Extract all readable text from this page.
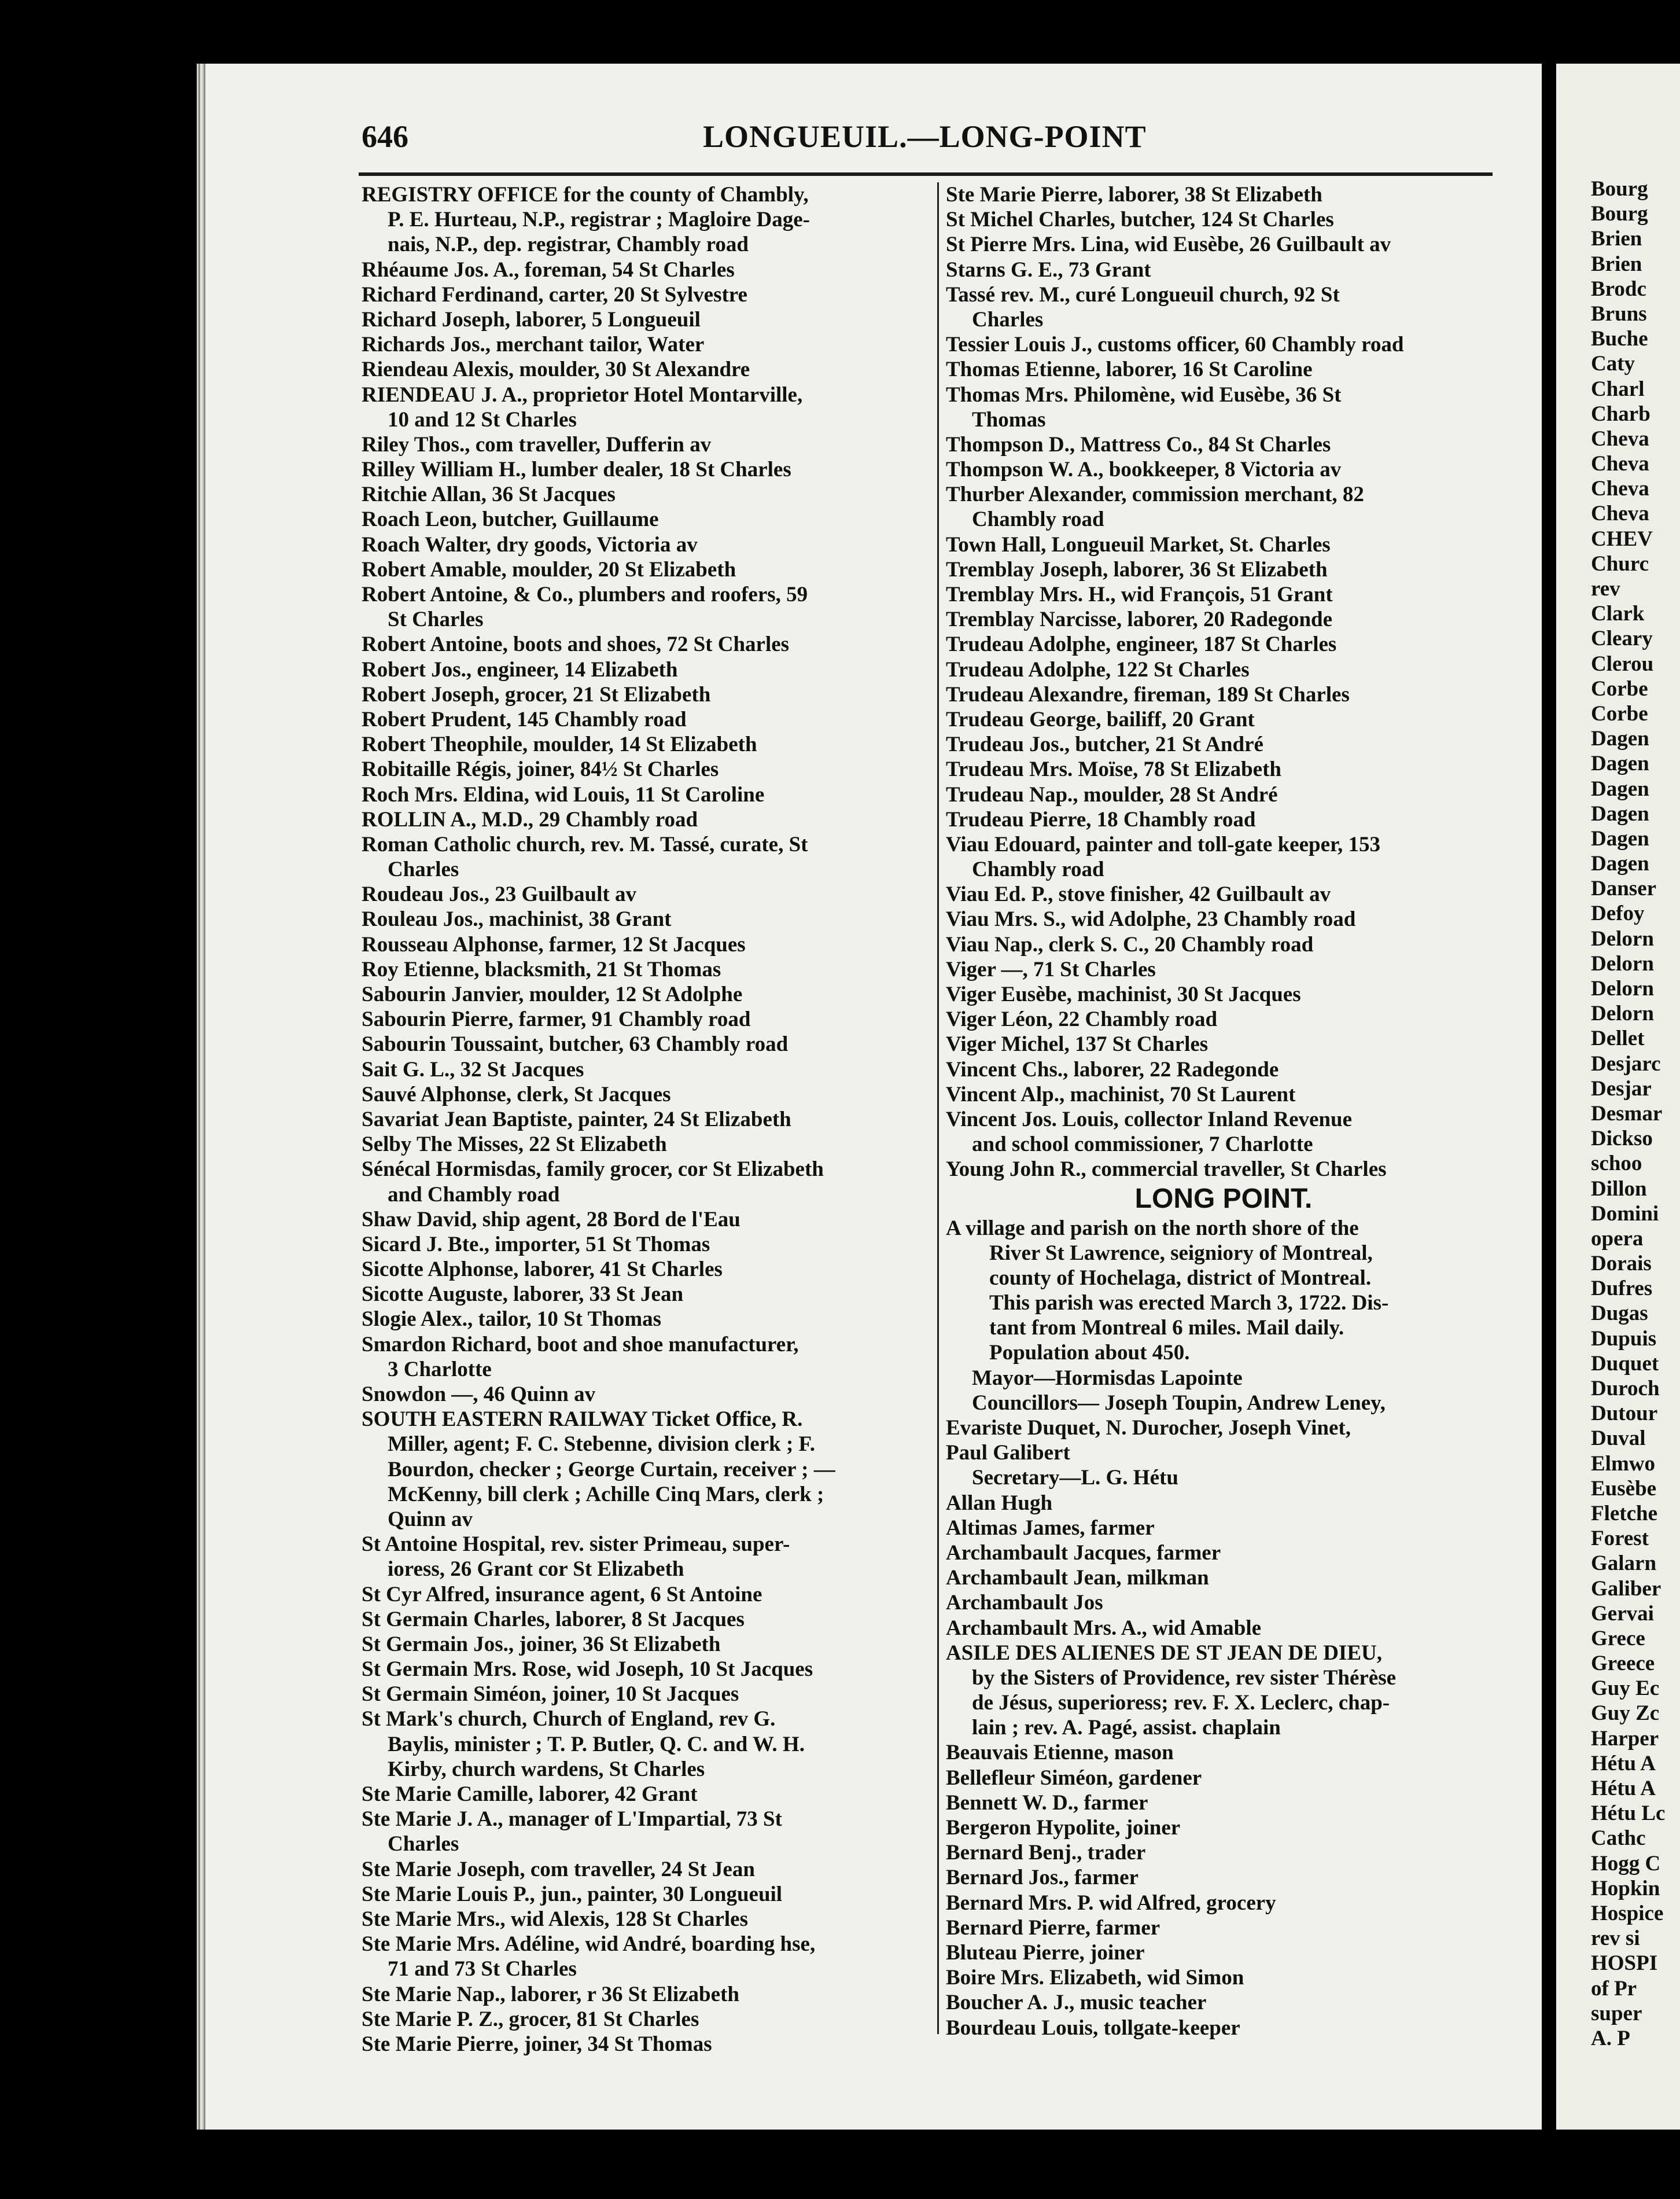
646	LONGUEUIL.—LONG-POINT
REGISTRY OFFICE for the county of Chambly,
P. E. Hurteau, N.P., registrar ; Magloire Dage-
nais, N.P., dep. registrar, Chambly road
Rhéaume Jos. A., foreman, 54 St Charles
Richard Ferdinand, carter, 20 St Sylvestre
Richard Joseph, laborer, 5 Longueuil
Richards Jos., merchant tailor, Water
Riendeau Alexis, moulder, 30 St Alexandre
RIENDEAU J. A., proprietor Hotel Montarville,
10 and 12 St Charles
Riley Thos., com traveller, Dufferin av
Rilley William H., lumber dealer, 18 St Charles
Ritchie Allan, 36 St Jacques
Roach Leon, butcher, Guillaume
Roach Walter, dry goods, Victoria av
Robert Amable, moulder, 20 St Elizabeth
Robert Antoine, & Co., plumbers and roofers, 59
St Charles
Robert Antoine, boots and shoes, 72 St Charles
Robert Jos., engineer, 14 Elizabeth
Robert Joseph, grocer, 21 St Elizabeth
Robert Prudent, 145 Chambly road
Robert Theophile, moulder, 14 St Elizabeth
Robitaille Régis, joiner, 84½ St Charles
Roch Mrs. Eldina, wid Louis, 11 St Caroline
ROLLIN A., M.D., 29 Chambly road
Roman Catholic church, rev. M. Tassé, curate, St
Charles
Roudeau Jos., 23 Guilbault av
Rouleau Jos., machinist, 38 Grant
Rousseau Alphonse, farmer, 12 St Jacques
Roy Etienne, blacksmith, 21 St Thomas
Sabourin Janvier, moulder, 12 St Adolphe
Sabourin Pierre, farmer, 91 Chambly road
Sabourin Toussaint, butcher, 63 Chambly road
Sait G. L., 32 St Jacques
Sauvé Alphonse, clerk, St Jacques
Savariat Jean Baptiste, painter, 24 St Elizabeth
Selby The Misses, 22 St Elizabeth
Sénécal Hormisdas, family grocer, cor St Elizabeth
and Chambly road
Shaw David, ship agent, 28 Bord de l'Eau
Sicard J. Bte., importer, 51 St Thomas
Sicotte Alphonse, laborer, 41 St Charles
Sicotte Auguste, laborer, 33 St Jean
Slogie Alex., tailor, 10 St Thomas
Smardon Richard, boot and shoe manufacturer,
3 Charlotte
Snowdon —, 46 Quinn av
SOUTH EASTERN RAILWAY Ticket Office, R.
Miller, agent; F. C. Stebenne, division clerk ; F.
Bourdon, checker ; George Curtain, receiver ; —
McKenny, bill clerk ; Achille Cinq Mars, clerk ;
Quinn av
St Antoine Hospital, rev. sister Primeau, super-
ioress, 26 Grant cor St Elizabeth
St Cyr Alfred, insurance agent, 6 St Antoine
St Germain Charles, laborer, 8 St Jacques
St Germain Jos., joiner, 36 St Elizabeth
St Germain Mrs. Rose, wid Joseph, 10 St Jacques
St Germain Siméon, joiner, 10 St Jacques
St Mark's church, Church of England, rev G.
Baylis, minister ; T. P. Butler, Q. C. and W. H.
Kirby, church wardens, St Charles
Ste Marie Camille, laborer, 42 Grant
Ste Marie J. A., manager of L'Impartial, 73 St
Charles
Ste Marie Joseph, com traveller, 24 St Jean
Ste Marie Louis P., jun., painter, 30 Longueuil
Ste Marie Mrs., wid Alexis, 128 St Charles
Ste Marie Mrs. Adéline, wid André, boarding hse,
71 and 73 St Charles
Ste Marie Nap., laborer, r 36 St Elizabeth
Ste Marie P. Z., grocer, 81 St Charles
Ste Marie Pierre, joiner, 34 St Thomas
Ste Marie Pierre, laborer, 38 St Elizabeth
St Michel Charles, butcher, 124 St Charles
St Pierre Mrs. Lina, wid Eusèbe, 26 Guilbault av
Starns G. E., 73 Grant
Tassé rev. M., curé Longueuil church, 92 St
Charles
Tessier Louis J., customs officer, 60 Chambly road
Thomas Etienne, laborer, 16 St Caroline
Thomas Mrs. Philomène, wid Eusèbe, 36 St
Thomas
Thompson D., Mattress Co., 84 St Charles
Thompson W. A., bookkeeper, 8 Victoria av
Thurber Alexander, commission merchant, 82
Chambly road
Town Hall, Longueuil Market, St. Charles
Tremblay Joseph, laborer, 36 St Elizabeth
Tremblay Mrs. H., wid François, 51 Grant
Tremblay Narcisse, laborer, 20 Radegonde
Trudeau Adolphe, engineer, 187 St Charles
Trudeau Adolphe, 122 St Charles
Trudeau Alexandre, fireman, 189 St Charles
Trudeau George, bailiff, 20 Grant
Trudeau Jos., butcher, 21 St André
Trudeau Mrs. Moïse, 78 St Elizabeth
Trudeau Nap., moulder, 28 St André
Trudeau Pierre, 18 Chambly road
Viau Edouard, painter and toll-gate keeper, 153
Chambly road
Viau Ed. P., stove finisher, 42 Guilbault av
Viau Mrs. S., wid Adolphe, 23 Chambly road
Viau Nap., clerk S. C., 20 Chambly road
Viger —, 71 St Charles
Viger Eusèbe, machinist, 30 St Jacques
Viger Léon, 22 Chambly road
Viger Michel, 137 St Charles
Vincent Chs., laborer, 22 Radegonde
Vincent Alp., machinist, 70 St Laurent
Vincent Jos. Louis, collector Inland Revenue
and school commissioner, 7 Charlotte
Young John R., commercial traveller, St Charles
LONG POINT.
A village and parish on the north shore of the
River St Lawrence, seigniory of Montreal,
county of Hochelaga, district of Montreal.
This parish was erected March 3, 1722. Dis-
tant from Montreal 6 miles. Mail daily.
Population about 450.
Mayor—Hormisdas Lapointe
Councillors— Joseph Toupin, Andrew Leney,
Evariste Duquet, N. Durocher, Joseph Vinet,
Paul Galibert
Secretary—L. G. Hétu
Allan Hugh
Altimas James, farmer
Archambault Jacques, farmer
Archambault Jean, milkman
Archambault Jos
Archambault Mrs. A., wid Amable
ASILE DES ALIENES DE ST JEAN DE DIEU,
by the Sisters of Providence, rev sister Thérèse
de Jésus, superioress; rev. F. X. Leclerc, chap-
lain ; rev. A. Pagé, assist. chaplain
Beauvais Etienne, mason
Bellefleur Siméon, gardener
Bennett W. D., farmer
Bergeron Hypolite, joiner
Bernard Benj., trader
Bernard Jos., farmer
Bernard Mrs. P. wid Alfred, grocery
Bernard Pierre, farmer
Bluteau Pierre, joiner
Boire Mrs. Elizabeth, wid Simon
Boucher A. J., music teacher
Bourdeau Louis, tollgate-keeper
Bourg
Bourg
Brien
Brien
Brodc
Bruns
Buche
Caty
Charl
Charb
Cheva
Cheva
Cheva
Cheva
CHEV
Churc
rev
Clark
Cleary
Clerou
Corbe
Corbe
Dagen
Dagen
Dagen
Dagen
Dagen
Dagen
Danser
Defoy
Delorn
Delorn
Delorn
Delorn
Dellet
Desjarc
Desjar
Desmar
Dickso
schoo
Dillon
Domini
opera
Dorais
Dufres
Dugas
Dupuis
Duquet
Duroch
Dutour
Duval
Elmwo
Eusèbe
Fletche
Forest
Galarn
Galiber
Gervai
Grece
Greece
Guy Ec
Guy Zc
Harper
Hétu A
Hétu A
Hétu Lc
Cathc
Hogg C
Hopkin
Hospice
rev si
HOSPI
of Pr
super
A. P
